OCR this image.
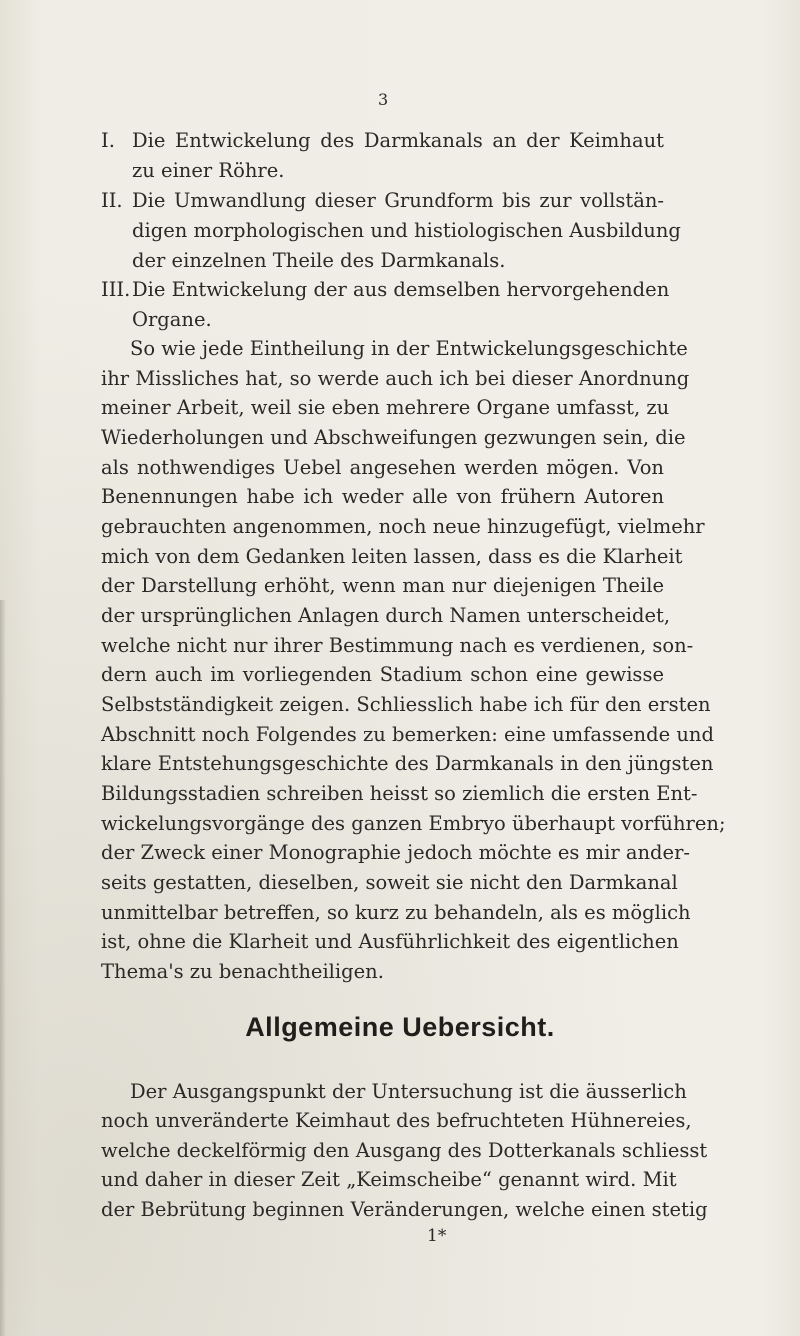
3
I. Die Entwickelung des Darmkanals an der Keimhaut
zu einer Röhre.
II. Die Umwandlung dieser Grundform bis zur vollstän-
digen morphologischen und histiologischen Ausbildung
der einzelnen Theile des Darmkanals.
III. Die Entwickelung der aus demselben hervorgehenden
Organe.
So wie jede Eintheilung in der Entwickelungsgeschichte
ihr Missliches hat, so werde auch ich bei dieser Anordnung
meiner Arbeit, weil sie eben mehrere Organe umfasst, zu
Wiederholungen und Abschweifungen gezwungen sein, die
als nothwendiges Uebel angesehen werden mögen. Von
Benennungen habe ich weder alle von frühern Autoren
gebrauchten angenommen, noch neue hinzugefügt, vielmehr
mich von dem Gedanken leiten lassen, dass es die Klarheit
der Darstellung erhöht, wenn man nur diejenigen Theile
der ursprünglichen Anlagen durch Namen unterscheidet,
welche nicht nur ihrer Bestimmung nach es verdienen, son-
dern auch im vorliegenden Stadium schon eine gewisse
Selbstständigkeit zeigen. Schliesslich habe ich für den ersten
Abschnitt noch Folgendes zu bemerken: eine umfassende und
klare Entstehungsgeschichte des Darmkanals in den jüngsten
Bildungsstadien schreiben heisst so ziemlich die ersten Ent-
wickelungsvorgänge des ganzen Embryo überhaupt vorführen;
der Zweck einer Monographie jedoch möchte es mir ander-
seits gestatten, dieselben, soweit sie nicht den Darmkanal
unmittelbar betreffen, so kurz zu behandeln, als es möglich
ist, ohne die Klarheit und Ausführlichkeit des eigentlichen
Thema's zu benachtheiligen.
Allgemeine Uebersicht.
Der Ausgangspunkt der Untersuchung ist die äusserlich
noch unveränderte Keimhaut des befruchteten Hühnereies,
welche deckelförmig den Ausgang des Dotterkanals schliesst
und daher in dieser Zeit „Keimscheibe“ genannt wird. Mit
der Bebrütung beginnen Veränderungen, welche einen stetig
1*
